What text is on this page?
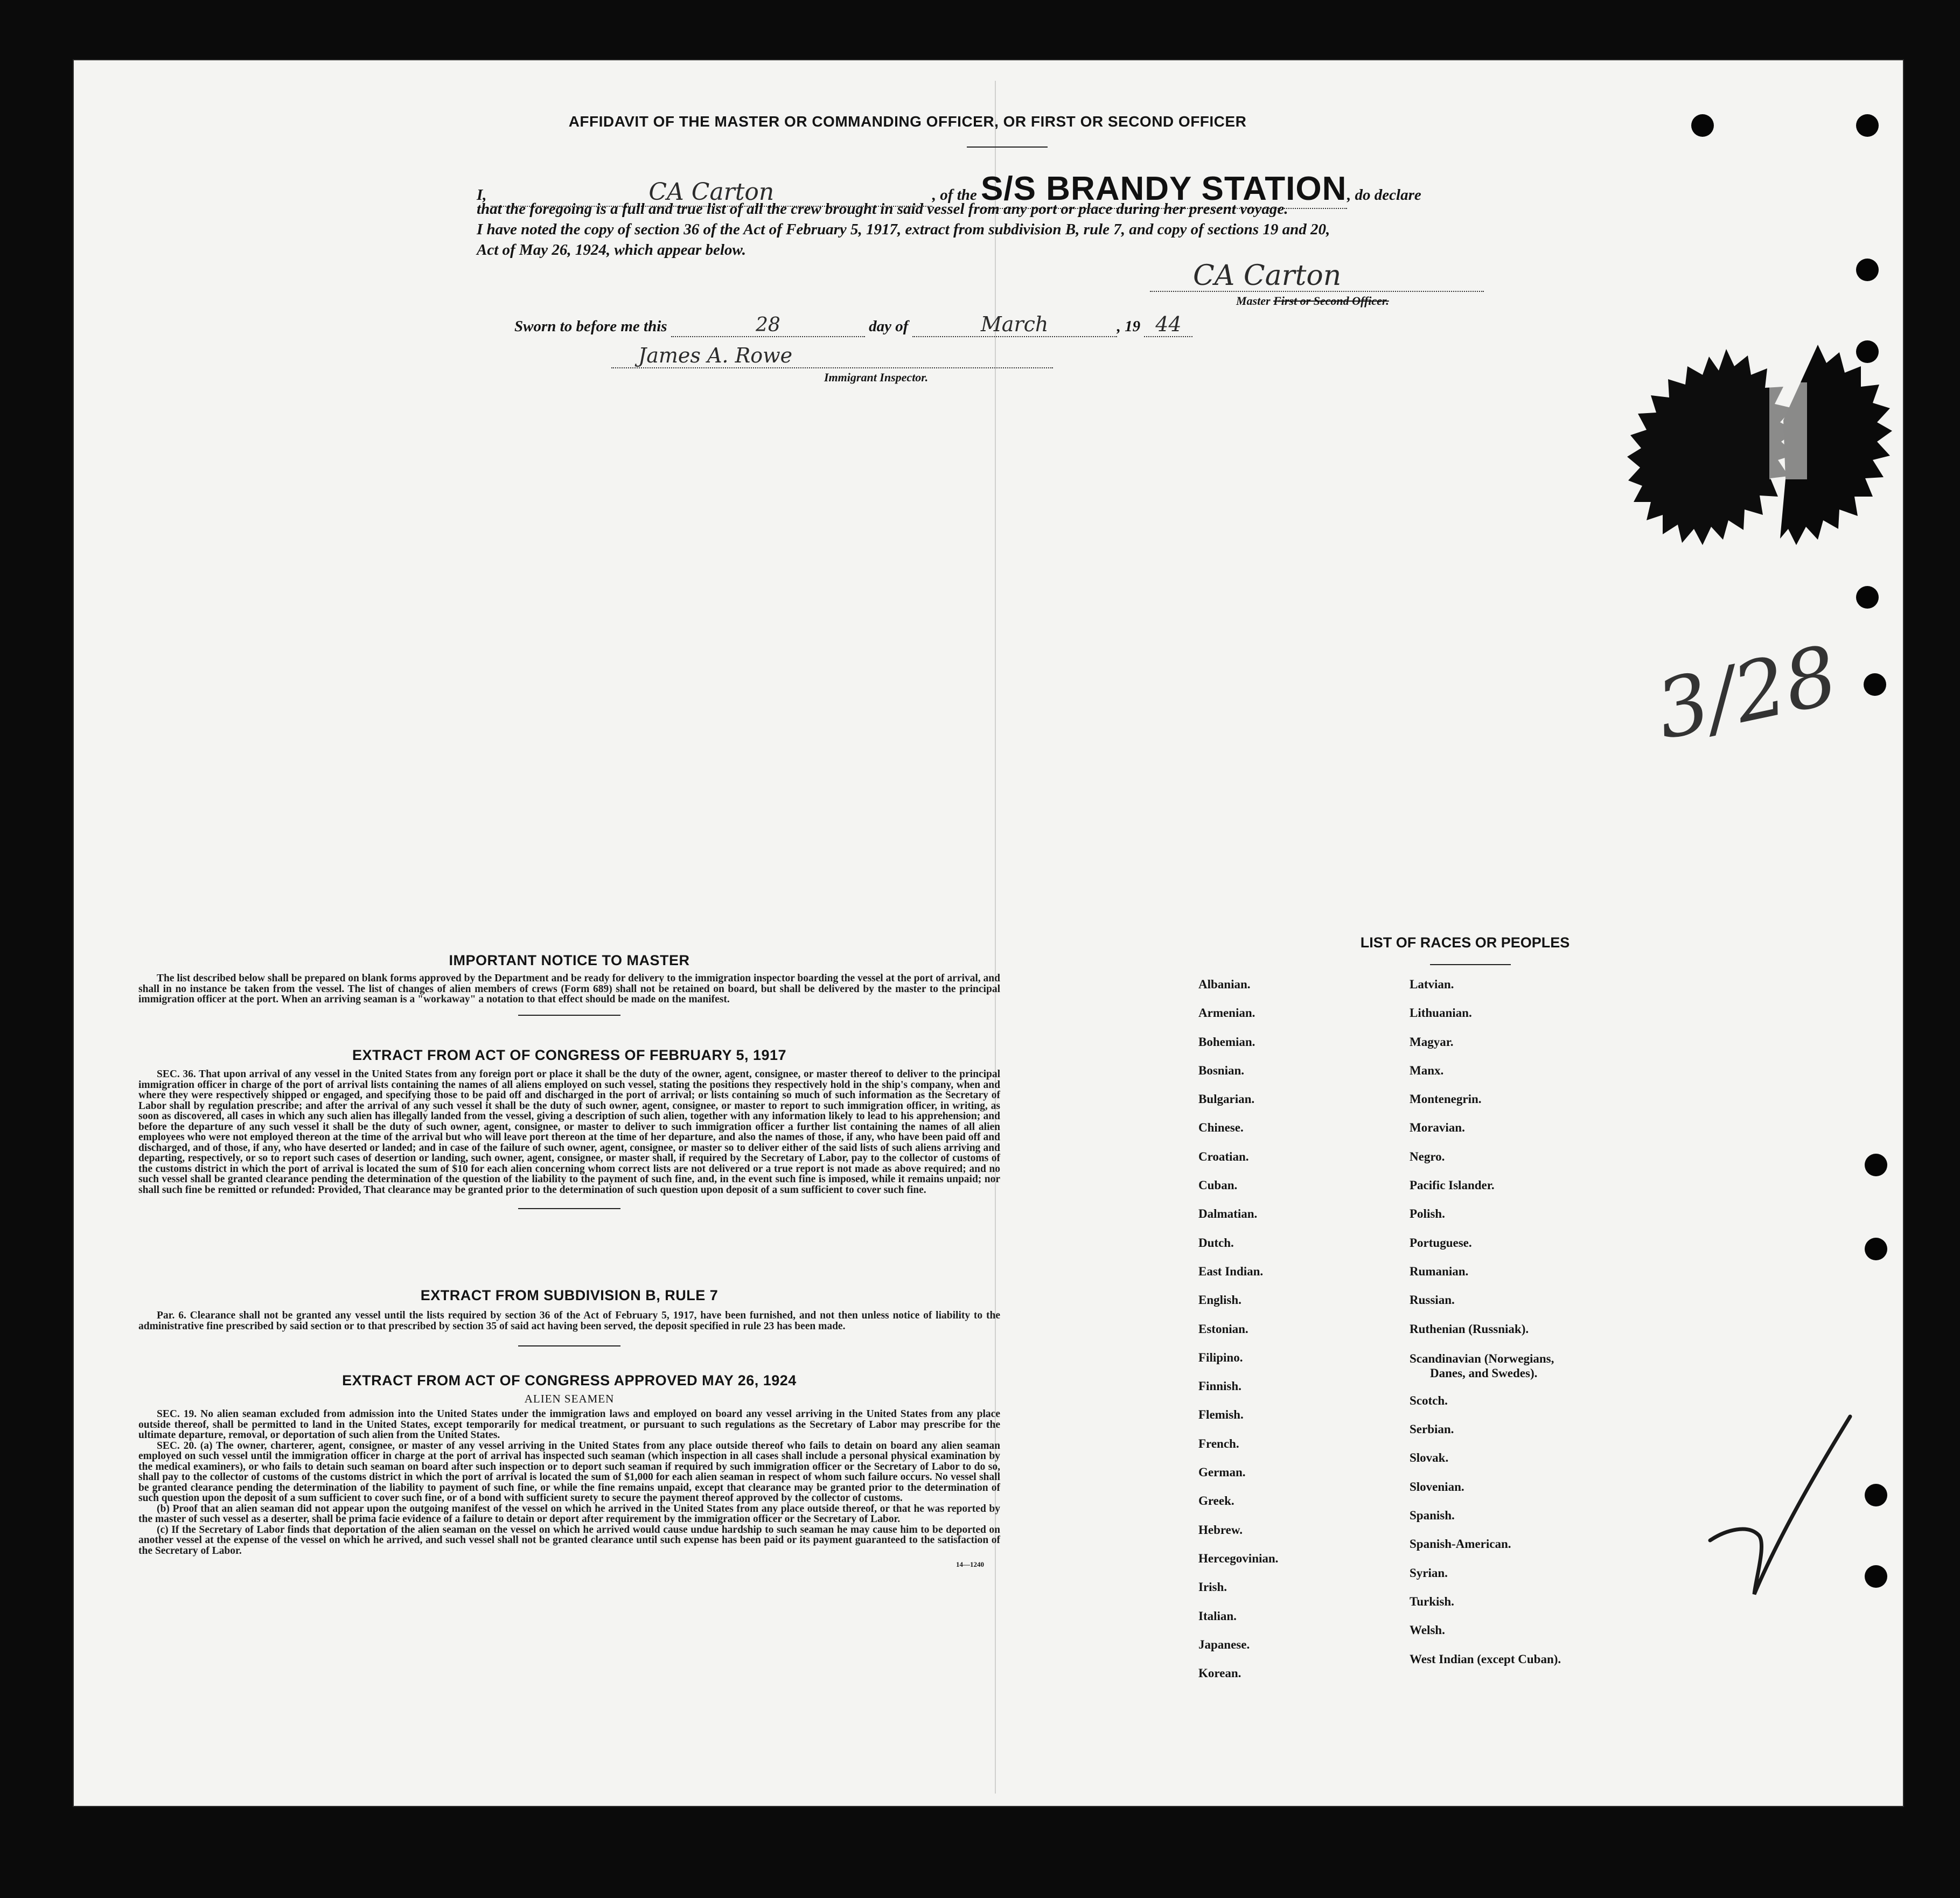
AFFIDAVIT OF THE MASTER OR COMMANDING OFFICER, OR FIRST OR SECOND OFFICER
I,	CA Carton	, of the S/S BRANDY STATION, do declare
that the foregoing is a full and true list of all the crew brought in said vessel from any port or place during her present voyage.
I have noted the copy of section 36 of the Act of February 5, 1917, extract from subdivision B, rule 7, and copy of sections 19 and 20,
Act of May 26, 1924, which appear below.
CA Carton
Master First or Second Officer.
Sworn to before me this	28	day of	March	, 19 44
James A. Rowe
Immigrant Inspector.
3/28
IMPORTANT NOTICE TO MASTER

The list described below shall be prepared on blank forms approved by the Department and be ready for delivery to the immigration inspector boarding the vessel at the port of arrival, and shall in no instance be taken from the vessel. The list of changes of alien members of crews (Form 689) shall not be retained on board, but shall be delivered by the master to the principal immigration officer at the port. When an arriving seaman is a "workaway" a notation to that effect should be made on the manifest.

EXTRACT FROM ACT OF CONGRESS OF FEBRUARY 5, 1917

SEC. 36. That upon arrival of any vessel in the United States from any foreign port or place it shall be the duty of the owner, agent, consignee, or master thereof to deliver to the principal immigration officer in charge of the port of arrival lists containing the names of all aliens employed on such vessel, stating the positions they respectively hold in the ship's company, when and where they were respectively shipped or engaged, and specifying those to be paid off and discharged in the port of arrival; or lists containing so much of such information as the Secretary of Labor shall by regulation prescribe; and after the arrival of any such vessel it shall be the duty of such owner, agent, consignee, or master to report to such immigration officer, in writing, as soon as discovered, all cases in which any such alien has illegally landed from the vessel, giving a description of such alien, together with any information likely to lead to his apprehension; and before the departure of any such vessel it shall be the duty of such owner, agent, consignee, or master to deliver to such immigration officer a further list containing the names of all alien employees who were not employed thereon at the time of the arrival but who will leave port thereon at the time of her departure, and also the names of those, if any, who have been paid off and discharged, and of those, if any, who have deserted or landed; and in case of the failure of such owner, agent, consignee, or master so to deliver either of the said lists of such aliens arriving and departing, respectively, or so to report such cases of desertion or landing, such owner, agent, consignee, or master shall, if required by the Secretary of Labor, pay to the collector of customs of the customs district in which the port of arrival is located the sum of $10 for each alien concerning whom correct lists are not delivered or a true report is not made as above required; and no such vessel shall be granted clearance pending the determination of the question of the liability to the payment of such fine, and, in the event such fine is imposed, while it remains unpaid; nor shall such fine be remitted or refunded: Provided, That clearance may be granted prior to the determination of such question upon deposit of a sum sufficient to cover such fine.

EXTRACT FROM SUBDIVISION B, RULE 7

Par. 6. Clearance shall not be granted any vessel until the lists required by section 36 of the Act of February 5, 1917, have been furnished, and not then unless notice of liability to the administrative fine prescribed by said section or to that prescribed by section 35 of said act having been served, the deposit specified in rule 23 has been made.

EXTRACT FROM ACT OF CONGRESS APPROVED MAY 26, 1924
ALIEN SEAMEN

SEC. 19. No alien seaman excluded from admission into the United States under the immigration laws and employed on board any vessel arriving in the United States from any place outside thereof, shall be permitted to land in the United States, except temporarily for medical treatment, or pursuant to such regulations as the Secretary of Labor may prescribe for the ultimate departure, removal, or deportation of such alien from the United States.

SEC. 20. (a) The owner, charterer, agent, consignee, or master of any vessel arriving in the United States from any place outside thereof who fails to detain on board any alien seaman employed on such vessel until the immigration officer in charge at the port of arrival has inspected such seaman (which inspection in all cases shall include a personal physical examination by the medical examiners), or who fails to detain such seaman on board after such inspection or to deport such seaman if required by such immigration officer or the Secretary of Labor to do so, shall pay to the collector of customs of the customs district in which the port of arrival is located the sum of $1,000 for each alien seaman in respect of whom such failure occurs. No vessel shall be granted clearance pending the determination of the liability to payment of such fine, or while the fine remains unpaid, except that clearance may be granted prior to the determination of such question upon the deposit of a sum sufficient to cover such fine, or of a bond with sufficient surety to secure the payment thereof approved by the collector of customs.

(b) Proof that an alien seaman did not appear upon the outgoing manifest of the vessel on which he arrived in the United States from any place outside thereof, or that he was reported by the master of such vessel as a deserter, shall be prima facie evidence of a failure to detain or deport after requirement by the immigration officer or the Secretary of Labor.

(c) If the Secretary of Labor finds that deportation of the alien seaman on the vessel on which he arrived would cause undue hardship to such seaman he may cause him to be deported on another vessel at the expense of the vessel on which he arrived, and such vessel shall not be granted clearance until such expense has been paid or its payment guaranteed to the satisfaction of the Secretary of Labor.

14—1240
LIST OF RACES OR PEOPLES
Albanian.
Armenian.
Bohemian.
Bosnian.
Bulgarian.
Chinese.
Croatian.
Cuban.
Dalmatian.
Dutch.
East Indian.
English.
Estonian.
Filipino.
Finnish.
Flemish.
French.
German.
Greek.
Hebrew.
Hercegovinian.
Irish.
Italian.
Japanese.
Korean.
Latvian.
Lithuanian.
Magyar.
Manx.
Montenegrin.
Moravian.
Negro.
Pacific Islander.
Polish.
Portuguese.
Rumanian.
Russian.
Ruthenian (Russniak).
Scandinavian (Norwegians,
Danes, and Swedes).
Scotch.
Serbian.
Slovak.
Slovenian.
Spanish.
Spanish-American.
Syrian.
Turkish.
Welsh.
West Indian (except Cuban).
